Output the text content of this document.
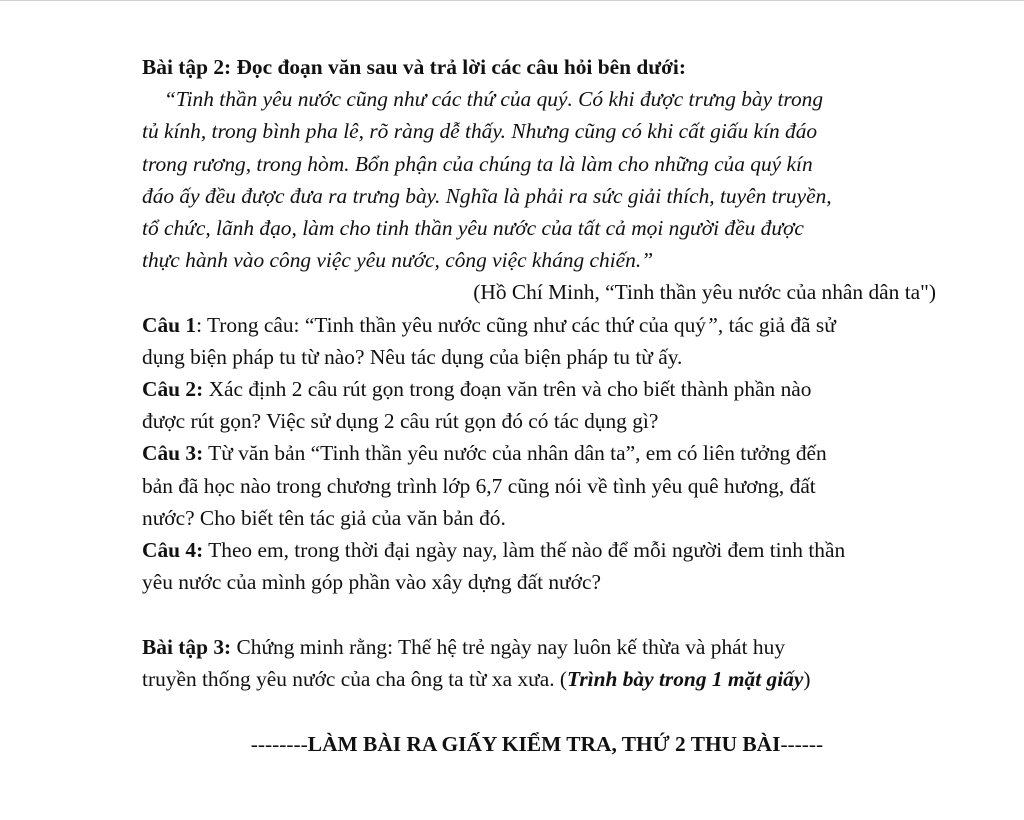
Bài tập 2: Đọc đoạn văn sau và trả lời các câu hỏi bên dưới:
“Tinh thần yêu nước cũng như các thứ của quý. Có khi được trưng bày trong
tủ kính, trong bình pha lê, rõ ràng dễ thấy. Nhưng cũng có khi cất giấu kín đáo
trong rương, trong hòm. Bổn phận của chúng ta là làm cho những của quý kín
đáo ấy đều được đưa ra trưng bày. Nghĩa là phải ra sức giải thích, tuyên truyền,
tổ chức, lãnh đạo, làm cho tinh thần yêu nước của tất cả mọi người đều được
thực hành vào công việc yêu nước, công việc kháng chiến.”
(Hồ Chí Minh, “Tinh thần yêu nước của nhân dân ta")
Câu 1: Trong câu: “Tinh thần yêu nước cũng như các thứ của quý”, tác giả đã sử
dụng biện pháp tu từ nào? Nêu tác dụng của biện pháp tu từ ấy.
Câu 2: Xác định 2 câu rút gọn trong đoạn văn trên và cho biết thành phần nào
được rút gọn? Việc sử dụng 2 câu rút gọn đó có tác dụng gì?
Câu 3: Từ văn bản “Tinh thần yêu nước của nhân dân ta”, em có liên tưởng đến
bản đã học nào trong chương trình lớp 6,7 cũng nói về tình yêu quê hương, đất
nước? Cho biết tên tác giả của văn bản đó.
Câu 4: Theo em, trong thời đại ngày nay, làm thế nào để mỗi người đem tinh thần
yêu nước của mình góp phần vào xây dựng đất nước?
Bài tập 3: Chứng minh rằng: Thế hệ trẻ ngày nay luôn kế thừa và phát huy
truyền thống yêu nước của cha ông ta từ xa xưa. (Trình bày trong 1 mặt giấy)
--------LÀM BÀI RA GIẤY KIỂM TRA, THỨ 2 THU BÀI------
